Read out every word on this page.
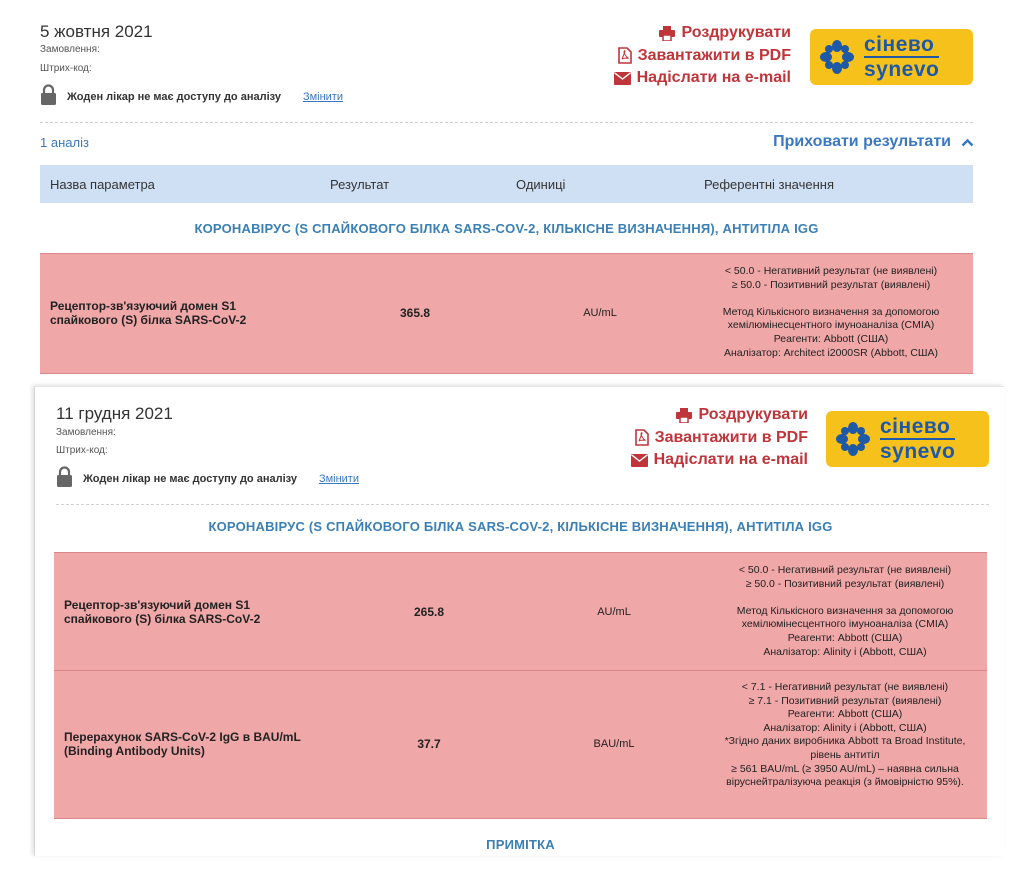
5 жовтня 2021
Замовлення:
Штрих-код:
Жоден лікар не має доступу до аналізу Змінити
Роздрукувати
Завантажити в PDF
Надіслати на e-mail
сінево
synevo
1 аналіз	Приховати результати
Назва параметра	Результат	Одиниці	Референтні значення
КОРОНАВІРУС (S СПАЙКОВОГО БІЛКА SARS-COV-2, КІЛЬКІСНЕ ВИЗНАЧЕННЯ), АНТИТІЛА IGG
Рецептор-зв'язуючий домен S1 спайкового (S) білка SARS-CoV-2	365.8	AU/mL
< 50.0 - Негативний результат (не виявлені)
≥ 50.0 - Позитивний результат (виявлені)

Метод Кількісного визначення за допомогою хемілюмінесцентного імуноаналіза (CMIA)
Реагенти: Abbott (США)
Аналізатор: Architect i2000SR (Abbott, США)
11 грудня 2021
Замовлення:
Штрих-код:
Жоден лікар не має доступу до аналізу Змінити
Роздрукувати
Завантажити в PDF
Надіслати на e-mail
сінево
synevo
КОРОНАВІРУС (S СПАЙКОВОГО БІЛКА SARS-COV-2, КІЛЬКІСНЕ ВИЗНАЧЕННЯ), АНТИТІЛА IGG
Рецептор-зв'язуючий домен S1 спайкового (S) білка SARS-CoV-2	265.8	AU/mL
< 50.0 - Негативний результат (не виявлені)
≥ 50.0 - Позитивний результат (виявлені)

Метод Кількісного визначення за допомогою хемілюмінесцентного імуноаналіза (CMIA)
Реагенти: Abbott (США)
Аналізатор: Alinity i (Abbott, США)
Перерахунок SARS-CoV-2 IgG в BAU/mL (Binding Antibody Units)	37.7	BAU/mL
< 7.1 - Негативний результат (не виявлені)
≥ 7.1 - Позитивний результат (виявлені)
Реагенти: Abbott (США)
Аналізатор: Alinity i (Abbott, США)
*Згідно даних виробника Abbott та Broad Institute, рівень антитіл
≥ 561 BAU/mL (≥ 3950 AU/mL) – наявна сильна віруснейтралізуюча реакція (з ймовірністю 95%).
ПРИМІТКА
